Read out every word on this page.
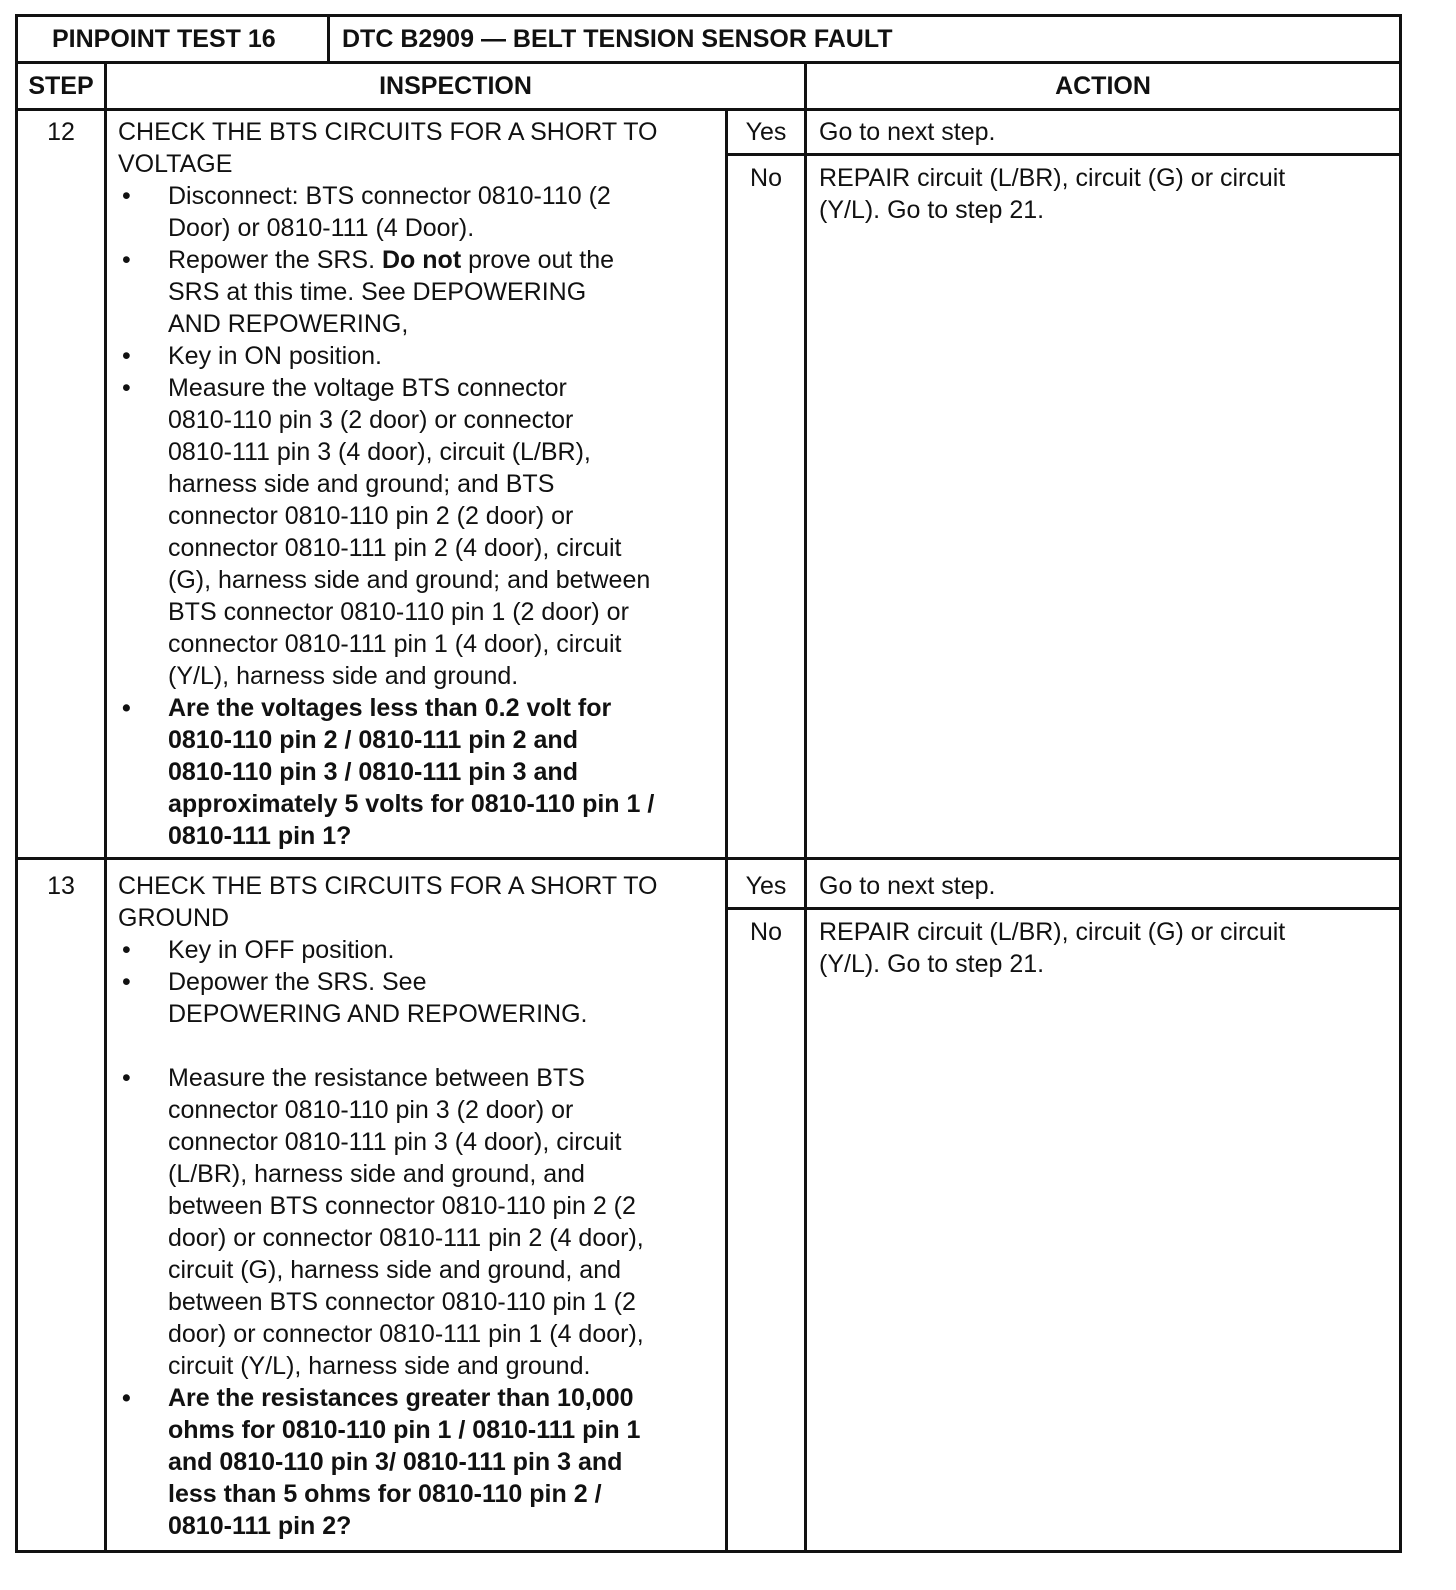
PINPOINT TEST 16	DTC B2909 — BELT TENSION SENSOR FAULT
STEP	INSPECTION	ACTION
12	CHECK THE BTS CIRCUITS FOR A SHORT TO
VOLTAGE
• Disconnect: BTS connector 0810-110 (2
Door) or 0810-111 (4 Door).
• Repower the SRS. Do not prove out the
SRS at this time. See DEPOWERING
AND REPOWERING,
• Key in ON position.
• Measure the voltage BTS connector
0810-110 pin 3 (2 door) or connector
0810-111 pin 3 (4 door), circuit (L/BR),
harness side and ground; and BTS
connector 0810-110 pin 2 (2 door) or
connector 0810-111 pin 2 (4 door), circuit
(G), harness side and ground; and between
BTS connector 0810-110 pin 1 (2 door) or
connector 0810-111 pin 1 (4 door), circuit
(Y/L), harness side and ground.
• Are the voltages less than 0.2 volt for
0810-110 pin 2 / 0810-111 pin 2 and
0810-110 pin 3 / 0810-111 pin 3 and
approximately 5 volts for 0810-110 pin 1 /
0810-111 pin 1?
Yes	Go to next step.
No	REPAIR circuit (L/BR), circuit (G) or circuit
(Y/L). Go to step 21.
13	CHECK THE BTS CIRCUITS FOR A SHORT TO
GROUND
• Key in OFF position.
• Depower the SRS. See
DEPOWERING AND REPOWERING.
• Measure the resistance between BTS
connector 0810-110 pin 3 (2 door) or
connector 0810-111 pin 3 (4 door), circuit
(L/BR), harness side and ground, and
between BTS connector 0810-110 pin 2 (2
door) or connector 0810-111 pin 2 (4 door),
circuit (G), harness side and ground, and
between BTS connector 0810-110 pin 1 (2
door) or connector 0810-111 pin 1 (4 door),
circuit (Y/L), harness side and ground.
• Are the resistances greater than 10,000
ohms for 0810-110 pin 1 / 0810-111 pin 1
and 0810-110 pin 3/ 0810-111 pin 3 and
less than 5 ohms for 0810-110 pin 2 /
0810-111 pin 2?
Yes	Go to next step.
No	REPAIR circuit (L/BR), circuit (G) or circuit
(Y/L). Go to step 21.
